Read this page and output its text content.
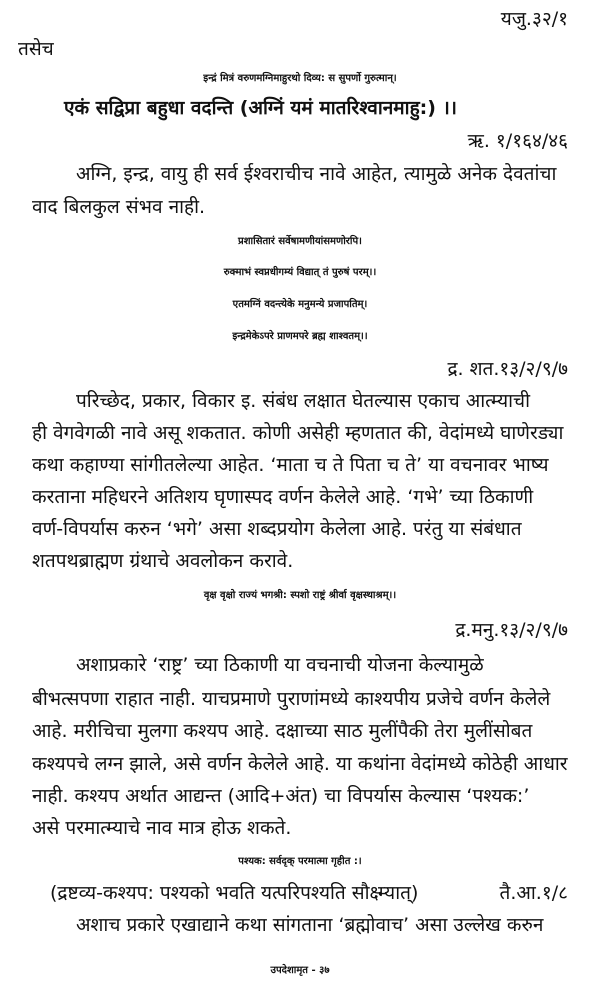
यजु.३२/१
तसेच
इन्द्रं मित्रं वरुणमग्निमाहुरथो दिव्य: स सुपर्णो गुरुत्मान्।
एकं सद्विप्रा बहुधा वदन्ति (अग्निं यमं मातरिश्वानमाहु:) ।।
ऋ. १/१६४/४६
अग्नि, इन्द्र, वायु ही सर्व ईश्वराचीच नावे आहेत, त्यामुळे अनेक देवतांचा
वाद बिलकुल संभव नाही.
प्रशासितारं सर्वेषामणीयांसमणोरपि।
रुक्माभं स्वप्नधीगम्यं विद्यात् तं पुरुषं परम्।।
एतमग्निं वदन्त्येके मनुमन्ये प्रजापतिम्।
इन्द्रमेकेऽपरे प्राणमपरे ब्रह्म शाश्वतम्।।
द्र. शत.१३/२/९/७
परिच्छेद, प्रकार, विकार इ. संबंध लक्षात घेतल्यास एकाच आत्म्याची
ही वेगवेगळी नावे असू शकतात. कोणी असेही म्हणतात की, वेदांमध्ये घाणेरड्या
कथा कहाण्या सांगीतलेल्या आहेत. ‘माता च ते पिता च ते’ या वचनावर भाष्य
करताना महिधरने अतिशय घृणास्पद वर्णन केलेले आहे. ‘गभे’ च्या ठिकाणी
वर्ण-विपर्यास करुन ‘भगे’ असा शब्दप्रयोग केलेला आहे. परंतु या संबंधात
शतपथब्राह्मण ग्रंथाचे अवलोकन करावे.
वृक्ष वृक्षो राज्यं भगश्री: स्पशो राष्ट्रं श्रीर्वा वृक्षस्थाश्रम्।।
द्र.मनु.१३/२/९/७
अशाप्रकारे ‘राष्ट्र’ च्या ठिकाणी या वचनाची योजना केल्यामुळे
बीभत्सपणा राहात नाही. याचप्रमाणे पुराणांमध्ये काश्यपीय प्रजेचे वर्णन केलेले
आहे. मरीचिचा मुलगा कश्यप आहे. दक्षाच्या साठ मुलींपैकी तेरा मुलींसोबत
कश्यपचे लग्न झाले, असे वर्णन केलेले आहे. या कथांना वेदांमध्ये कोठेही आधार
नाही. कश्यप अर्थात आद्यन्त (आदि+अंत) चा विपर्यास केल्यास ‘पश्यक:’
असे परमात्म्याचे नाव मात्र होऊ शकते.
पश्यक: सर्वदृक् परमात्मा गृहीत :।
(द्रष्टव्य-कश्यप: पश्यको भवति यत्परिपश्यति सौक्ष्म्यात्)	तै.आ.१/८
अशाच प्रकारे एखाद्याने कथा सांगताना ‘ब्रह्मोवाच’ असा उल्लेख करुन
उपदेशामृत - ३७
